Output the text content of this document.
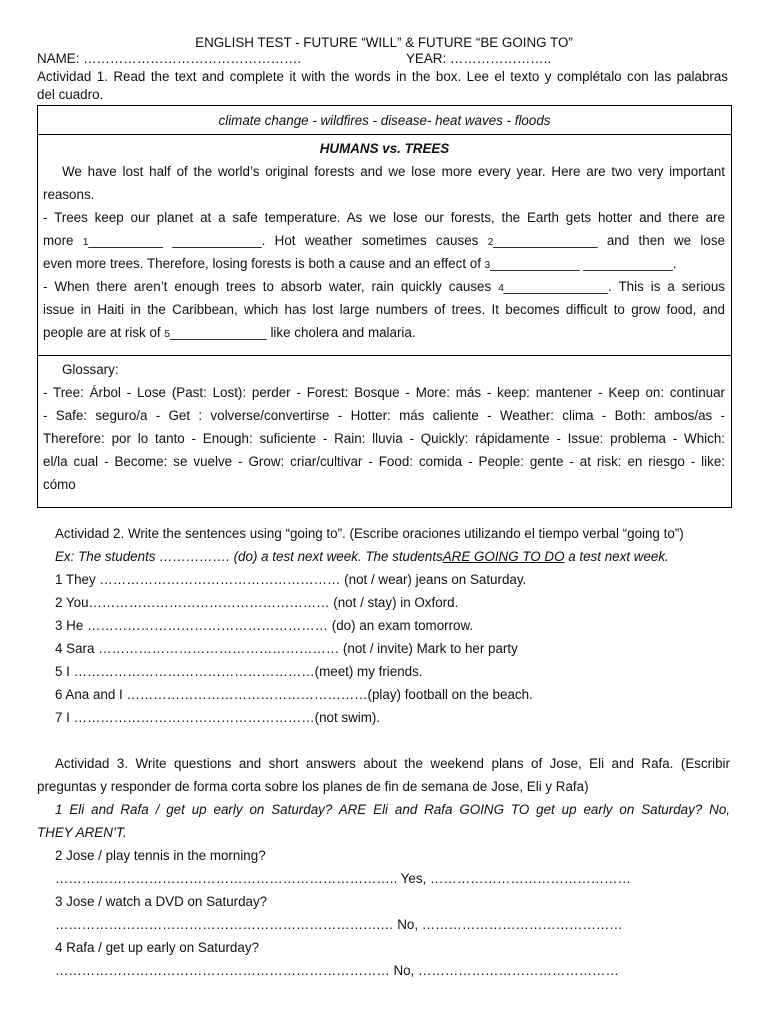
ENGLISH TEST - FUTURE “WILL” & FUTURE “BE GOING TO”
NAME: ………………………………………….	YEAR: …………………..
Actividad 1. Read the text and complete it with the words in the box. Lee el texto y complétalo con las palabras
del cuadro.
climate change - wildfires - disease- heat waves - floods
HUMANS vs. TREES
We have lost half of the world’s original forests and we lose more every year. Here are two very important
reasons.
- Trees keep our planet at a safe temperature. As we lose our forests, the Earth gets hotter and there are
more 1__________ ____________. Hot weather sometimes causes 2______________ and then we lose
even more trees. Therefore, losing forests is both a cause and an effect of 3____________ ____________.
- When there aren’t enough trees to absorb water, rain quickly causes 4______________. This is a serious
issue in Haiti in the Caribbean, which has lost large numbers of trees. It becomes difficult to grow food, and
people are at risk of 5_____________ like cholera and malaria.
Glossary:
- Tree: Árbol - Lose (Past: Lost): perder - Forest: Bosque - More: más - keep: mantener - Keep on: continuar
- Safe: seguro/a - Get : volverse/convertirse - Hotter: más caliente - Weather: clima - Both: ambos/as -
Therefore: por lo tanto - Enough: suficiente - Rain: lluvia - Quickly: rápidamente - Issue: problema - Which:
el/la cual - Become: se vuelve - Grow: criar/cultivar - Food: comida - People: gente - at risk: en riesgo - like:
cómo
Actividad 2. Write the sentences using “going to”. (Escribe oraciones utilizando el tiempo verbal “going to”)
Ex: The students ……………. (do) a test next week. The studentsARE GOING TO DO a test next week.
1 They ……………………………………………… (not / wear) jeans on Saturday.
2 You……………………………………………… (not / stay) in Oxford.
3 He ……………………………………………… (do) an exam tomorrow.
4 Sara ……………………………………………… (not / invite) Mark to her party
5 I ………………………………………………(meet) my friends.
6 Ana and I ………………………………………………(play) football on the beach.
7 I ………………………………………………(not swim).
Actividad 3. Write questions and short answers about the weekend plans of Jose, Eli and Rafa. (Escribir
preguntas y responder de forma corta sobre los planes de fin de semana de Jose, Eli y Rafa)
1 Eli and Rafa / get up early on Saturday? ARE Eli and Rafa GOING TO get up early on Saturday? No,
THEY AREN’T.
2 Jose / play tennis in the morning?
………………………………………………………………….. Yes, ………………………………………
3 Jose / watch a DVD on Saturday?
……………………………………………………………….… No, ………………………………………
4 Rafa / get up early on Saturday?
………………………………………………………………… No, ………………………………………
